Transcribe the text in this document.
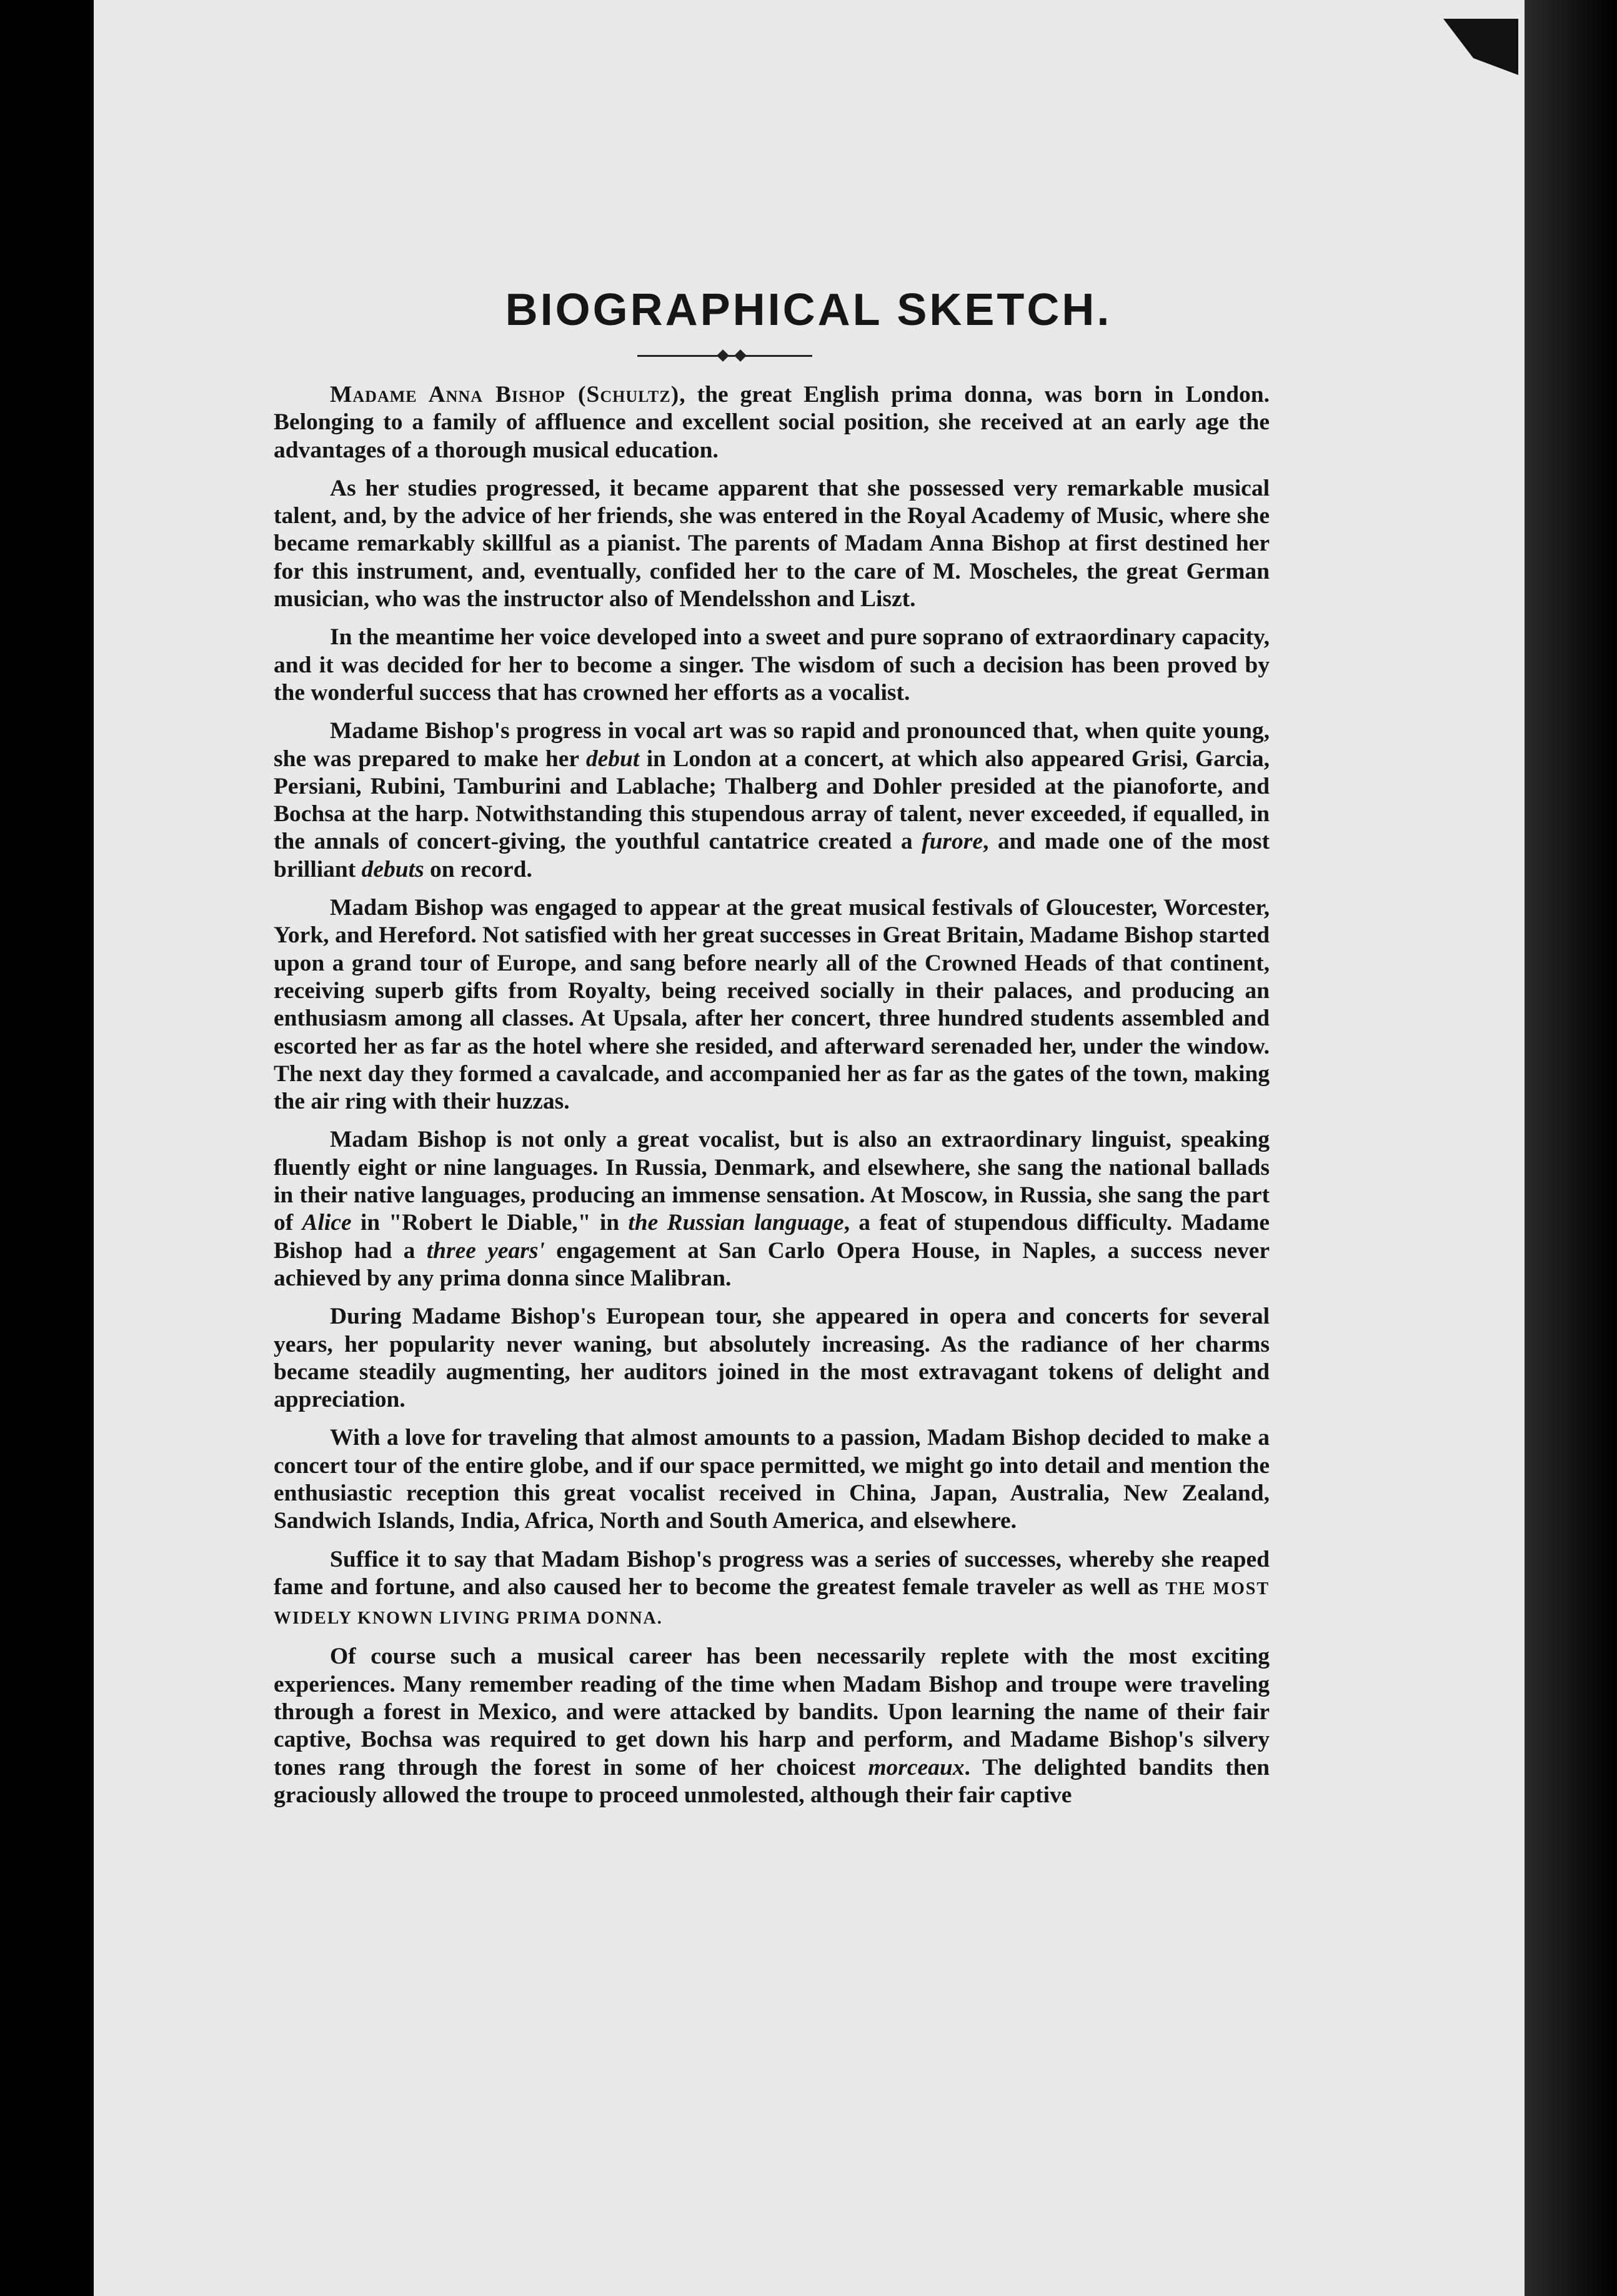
BIOGRAPHICAL SKETCH.

Madame Anna Bishop (Schultz), the great English prima donna, was born in London. Belonging to a family of affluence and excellent social position, she received at an early age the advantages of a thorough musical education.

As her studies progressed, it became apparent that she possessed very remarkable musical talent, and, by the advice of her friends, she was entered in the Royal Academy of Music, where she became remarkably skillful as a pianist. The parents of Madam Anna Bishop at first destined her for this instrument, and, eventually, confided her to the care of M. Moscheles, the great German musician, who was the instructor also of Mendelsshon and Liszt.

In the meantime her voice developed into a sweet and pure soprano of extraordinary capacity, and it was decided for her to become a singer. The wisdom of such a decision has been proved by the wonderful success that has crowned her efforts as a vocalist.

Madame Bishop's progress in vocal art was so rapid and pronounced that, when quite young, she was prepared to make her debut in London at a concert, at which also appeared Grisi, Garcia, Persiani, Rubini, Tamburini and Lablache; Thalberg and Dohler presided at the pianoforte, and Bochsa at the harp. Notwithstanding this stupendous array of talent, never exceeded, if equalled, in the annals of concert-giving, the youthful cantatrice created a furore, and made one of the most brilliant debuts on record.

Madam Bishop was engaged to appear at the great musical festivals of Gloucester, Worcester, York, and Hereford. Not satisfied with her great successes in Great Britain, Madame Bishop started upon a grand tour of Europe, and sang before nearly all of the Crowned Heads of that continent, receiving superb gifts from Royalty, being received socially in their palaces, and producing an enthusiasm among all classes. At Upsala, after her concert, three hundred students assembled and escorted her as far as the hotel where she resided, and afterward serenaded her, under the window. The next day they formed a cavalcade, and accompanied her as far as the gates of the town, making the air ring with their huzzas.

Madam Bishop is not only a great vocalist, but is also an extraordinary linguist, speaking fluently eight or nine languages. In Russia, Denmark, and elsewhere, she sang the national ballads in their native languages, producing an immense sensation. At Moscow, in Russia, she sang the part of Alice in "Robert le Diable," in the Russian language, a feat of stupendous difficulty. Madame Bishop had a three years' engagement at San Carlo Opera House, in Naples, a success never achieved by any prima donna since Malibran.

During Madame Bishop's European tour, she appeared in opera and concerts for several years, her popularity never waning, but absolutely increasing. As the radiance of her charms became steadily augmenting, her auditors joined in the most extravagant tokens of delight and appreciation.

With a love for traveling that almost amounts to a passion, Madam Bishop decided to make a concert tour of the entire globe, and if our space permitted, we might go into detail and mention the enthusiastic reception this great vocalist received in China, Japan, Australia, New Zealand, Sandwich Islands, India, Africa, North and South America, and elsewhere.

Suffice it to say that Madam Bishop's progress was a series of successes, whereby she reaped fame and fortune, and also caused her to become the greatest female traveler as well as THE MOST WIDELY KNOWN LIVING PRIMA DONNA.

Of course such a musical career has been necessarily replete with the most exciting experiences. Many remember reading of the time when Madam Bishop and troupe were traveling through a forest in Mexico, and were attacked by bandits. Upon learning the name of their fair captive, Bochsa was required to get down his harp and perform, and Madame Bishop's silvery tones rang through the forest in some of her choicest morceaux. The delighted bandits then graciously allowed the troupe to proceed unmolested, although their fair captive
